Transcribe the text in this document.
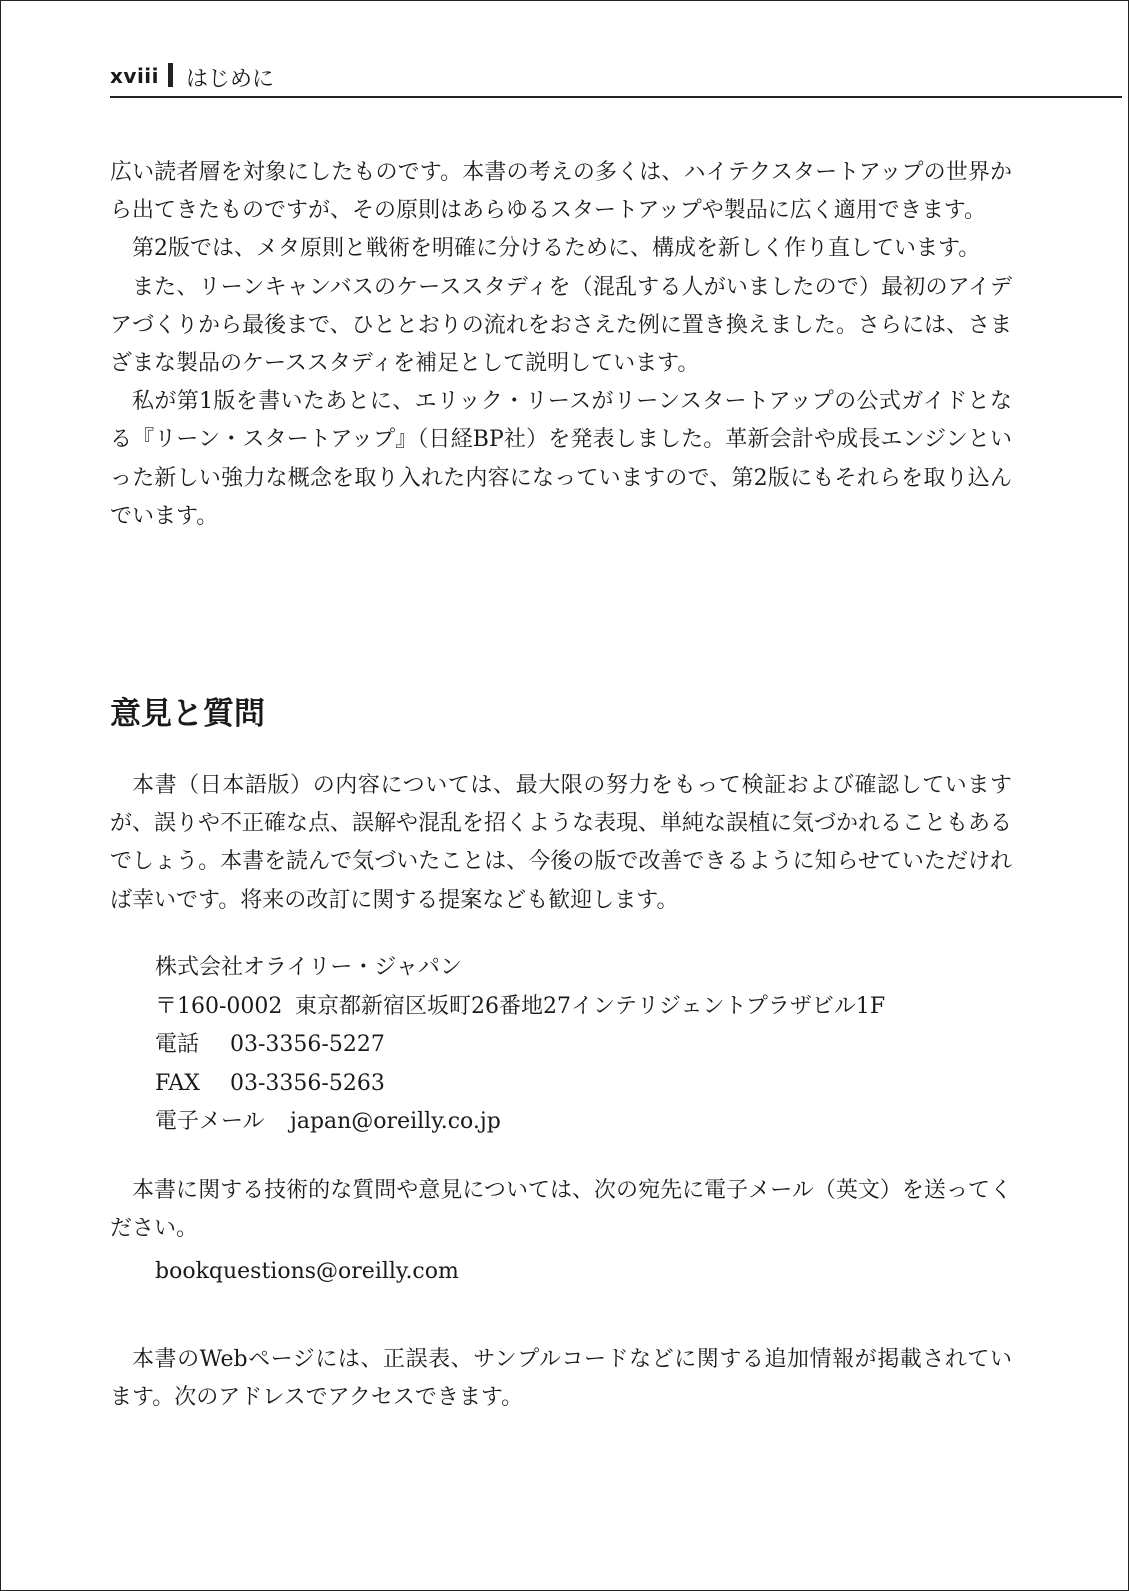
xviii はじめに

広い読者層を対象にしたものです。本書の考えの多くは、ハイテクスタートアップの世界から出てきたものですが、その原則はあらゆるスタートアップや製品に広く適用できます。

第2版では、メタ原則と戦術を明確に分けるために、構成を新しく作り直しています。

また、リーンキャンバスのケーススタディを（混乱する人がいましたので）最初のアイデアづくりから最後まで、ひととおりの流れをおさえた例に置き換えました。さらには、さまざまな製品のケーススタディを補足として説明しています。

私が第1版を書いたあとに、エリック・リースがリーンスタートアップの公式ガイドとなる『リーン・スタートアップ』（日経BP社）を発表しました。革新会計や成長エンジンといった新しい強力な概念を取り入れた内容になっていますので、第2版にもそれらを取り込んでいます。

意見と質問

本書（日本語版）の内容については、最大限の努力をもって検証および確認していますが、誤りや不正確な点、誤解や混乱を招くような表現、単純な誤植に気づかれることもあるでしょう。本書を読んで気づいたことは、今後の版で改善できるように知らせていただければ幸いです。将来の改訂に関する提案なども歓迎します。

株式会社オライリー・ジャパン
〒160-0002 東京都新宿区坂町26番地27インテリジェントプラザビル1F
電話 03-3356-5227
FAX 03-3356-5263
電子メール japan@oreilly.co.jp

本書に関する技術的な質問や意見については、次の宛先に電子メール（英文）を送ってください。

bookquestions@oreilly.com

本書のWebページには、正誤表、サンプルコードなどに関する追加情報が掲載されています。次のアドレスでアクセスできます。
